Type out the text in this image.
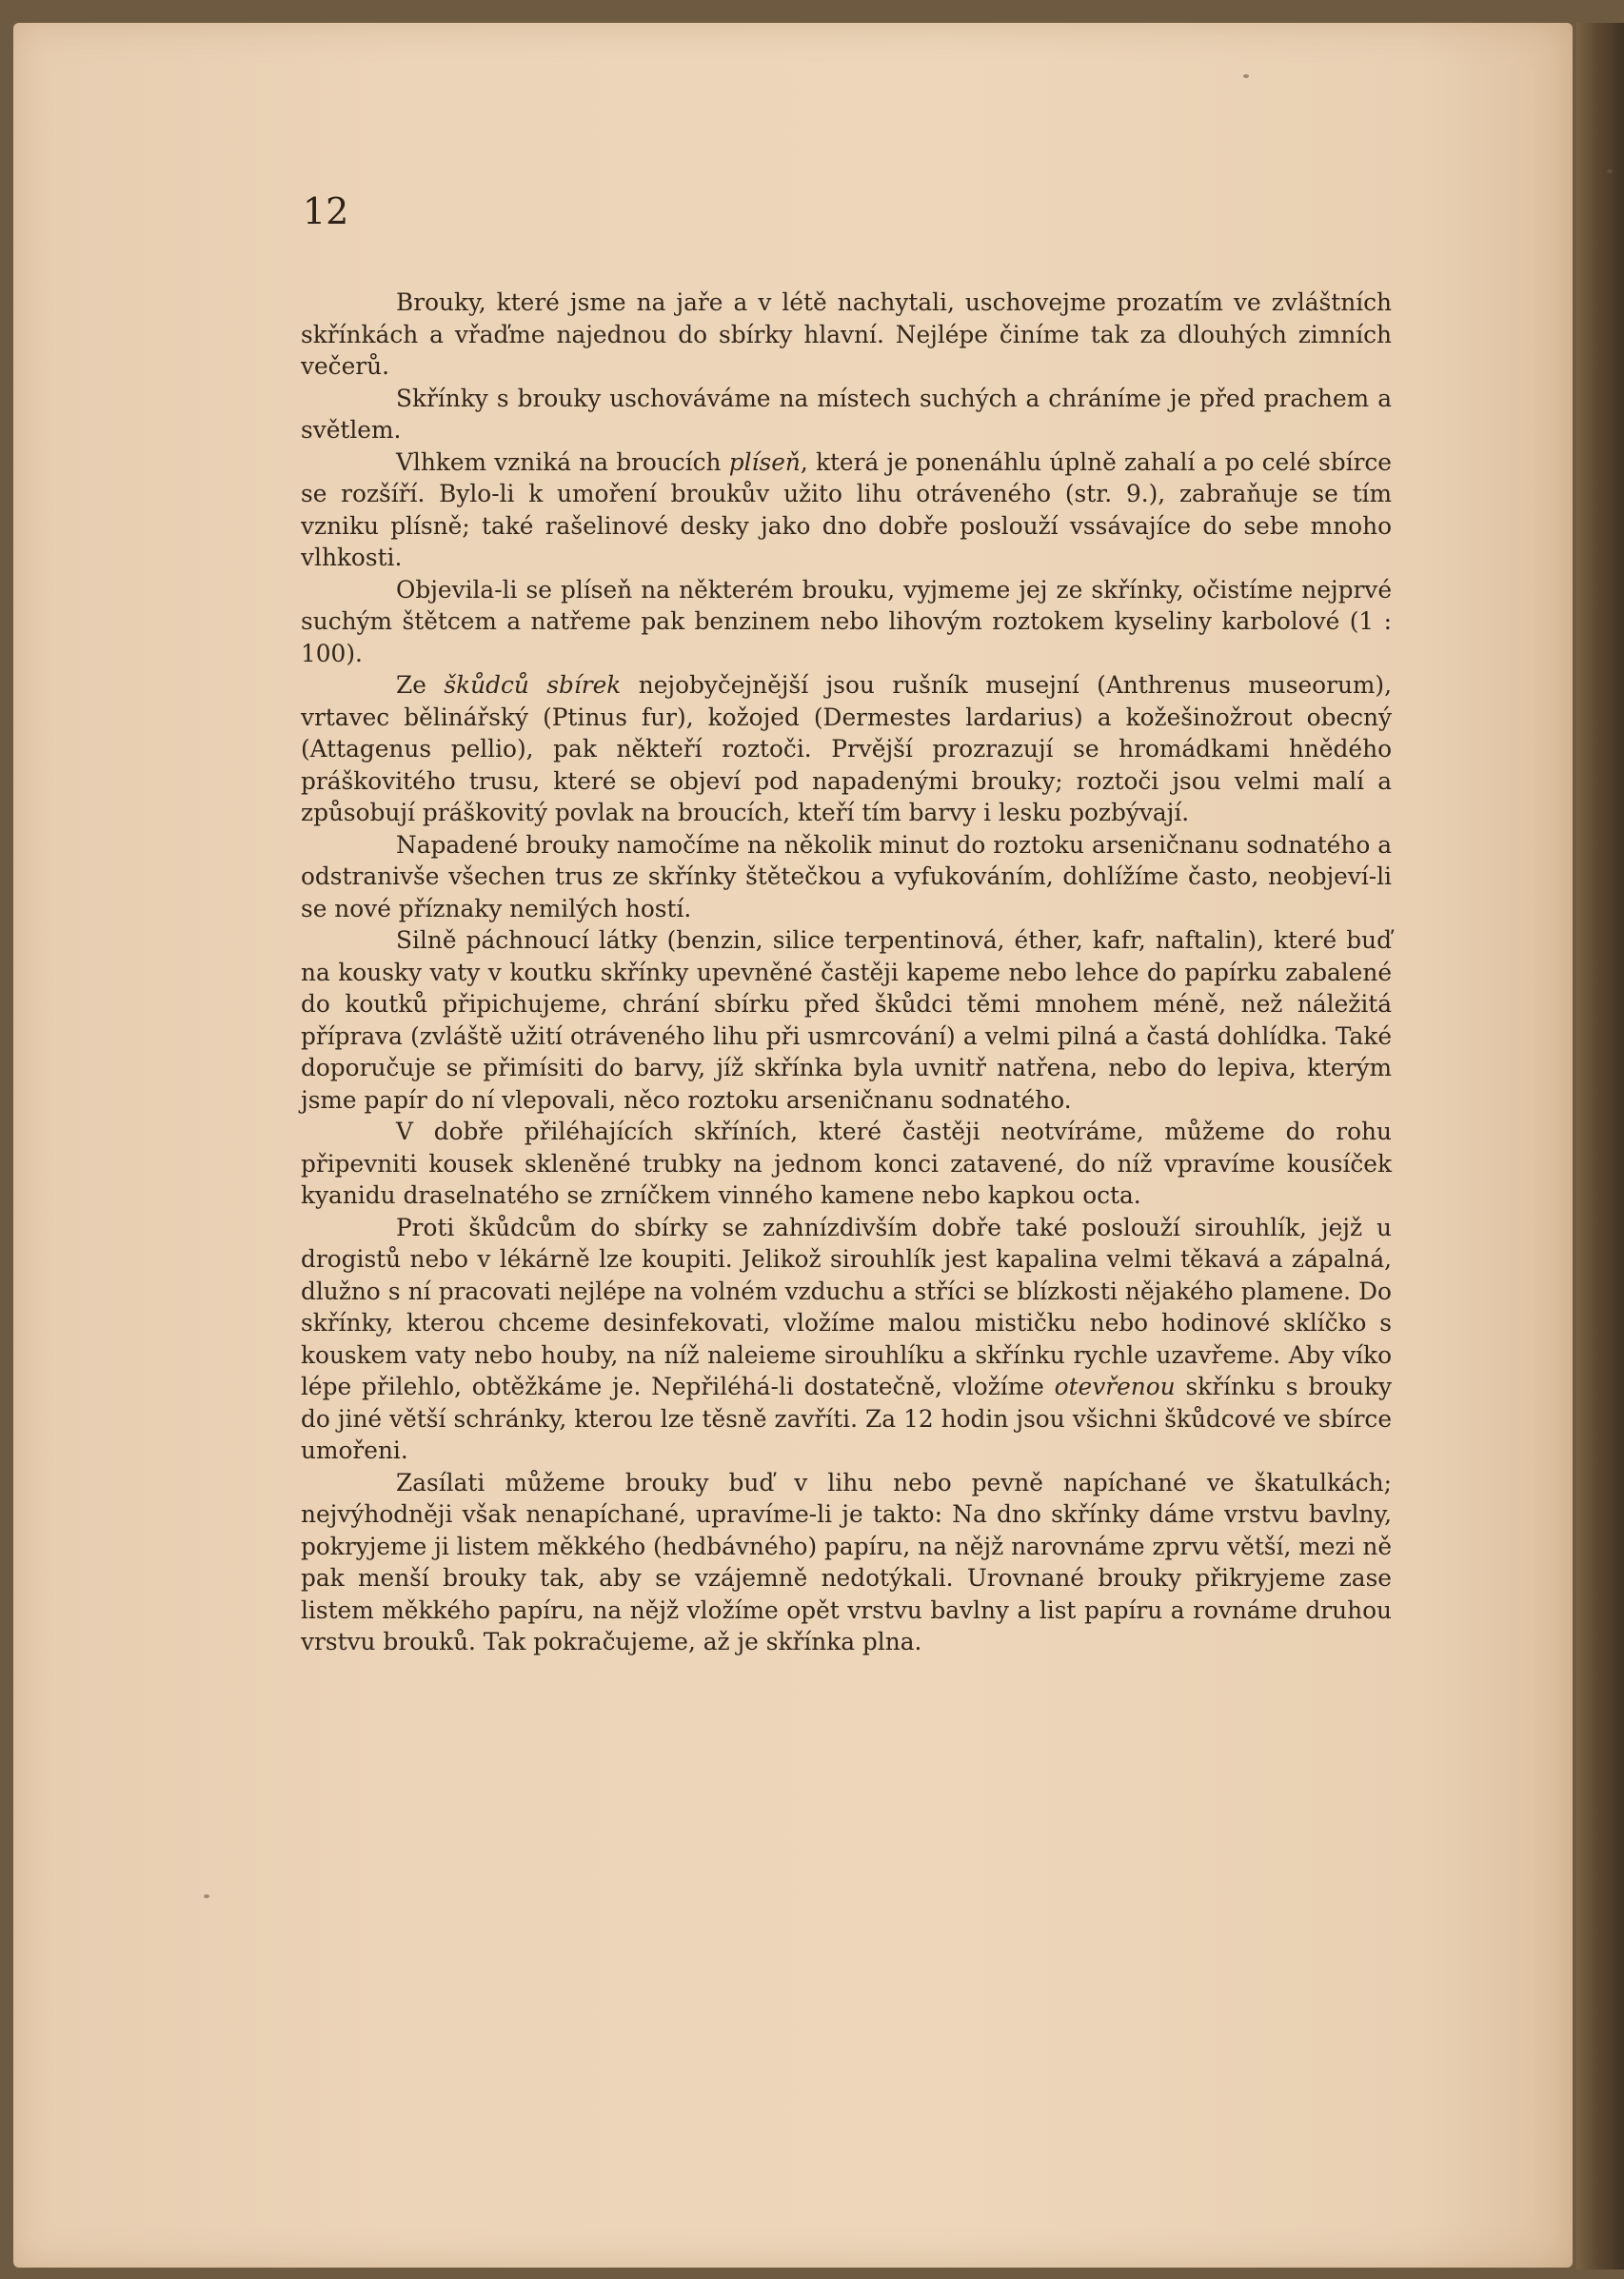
12

Brouky, které jsme na jaře a v létě nachytali, uschovejme prozatím ve zvláštních skřínkách a vřaďme najednou do sbírky hlavní. Nejlépe činíme tak za dlouhých zimních večerů.

Skřínky s brouky uschováváme na místech suchých a chráníme je před prachem a světlem.

Vlhkem vzniká na broucích plíseň, která je ponenáhlu úplně zahalí a po celé sbírce se rozšíří. Bylo-li k umoření broukův užito lihu otráveného (str. 9.), zabraňuje se tím vzniku plísně; také rašelinové desky jako dno dobře poslouží vssávajíce do sebe mnoho vlhkosti.

Objevila-li se plíseň na některém brouku, vyjmeme jej ze skřínky, očistíme nejprvé suchým štětcem a natřeme pak benzinem nebo lihovým roztokem kyseliny karbolové (1 : 100).

Ze škůdců sbírek nejobyčejnější jsou rušník musejní (Anthrenus museorum), vrtavec bělinářský (Ptinus fur), kožojed (Dermestes lardarius) a kožešinožrout obecný (Attagenus pellio), pak někteří roztoči. Prvější prozrazují se hromádkami hnědého práškovitého trusu, které se objeví pod napadenými brouky; roztoči jsou velmi malí a způsobují práškovitý povlak na broucích, kteří tím barvy i lesku pozbývají.

Napadené brouky namočíme na několik minut do roztoku arseničnanu sodnatého a odstranivše všechen trus ze skřínky štětečkou a vyfukováním, dohlížíme často, neobjeví-li se nové příznaky nemilých hostí.

Silně páchnoucí látky (benzin, silice terpentinová, éther, kafr, naftalin), které buď na kousky vaty v koutku skřínky upevněné častěji kapeme nebo lehce do papírku zabalené do koutků připichujeme, chrání sbírku před škůdci těmi mnohem méně, než náležitá příprava (zvláště užití otráveného lihu při usmrcování) a velmi pilná a častá dohlídka. Také doporučuje se přimísiti do barvy, jíž skřínka byla uvnitř natřena, nebo do lepiva, kterým jsme papír do ní vlepovali, něco roztoku arseničnanu sodnatého.

V dobře přiléhajících skříních, které častěji neotvíráme, můžeme do rohu připevniti kousek skleněné trubky na jednom konci zatavené, do níž vpravíme kousíček kyanidu draselnatého se zrníčkem vinného kamene nebo kapkou octa.

Proti škůdcům do sbírky se zahnízdivším dobře také poslouží sirouhlík, jejž u drogistů nebo v lékárně lze koupiti. Jelikož sirouhlík jest kapalina velmi těkavá a zápalná, dlužno s ní pracovati nejlépe na volném vzduchu a stříci se blízkosti nějakého plamene. Do skřínky, kterou chceme desinfekovati, vložíme malou mističku nebo hodinové sklíčko s kouskem vaty nebo houby, na níž naleieme sirouhlíku a skřínku rychle uzavřeme. Aby víko lépe přilehlo, obtěžkáme je. Nepřiléhá-li dostatečně, vložíme otevřenou skřínku s brouky do jiné větší schránky, kterou lze těsně zavříti. Za 12 hodin jsou všichni škůdcové ve sbírce umořeni.

Zasílati můžeme brouky buď v lihu nebo pevně napíchané ve škatulkách; nejvýhodněji však nenapíchané, upravíme-li je takto: Na dno skřínky dáme vrstvu bavlny, pokryjeme ji listem měkkého (hedbávného) papíru, na nějž narovnáme zprvu větší, mezi ně pak menší brouky tak, aby se vzájemně nedotýkali. Urovnané brouky přikryjeme zase listem měkkého papíru, na nějž vložíme opět vrstvu bavlny a list papíru a rovnáme druhou vrstvu brouků. Tak pokračujeme, až je skřínka plna.
